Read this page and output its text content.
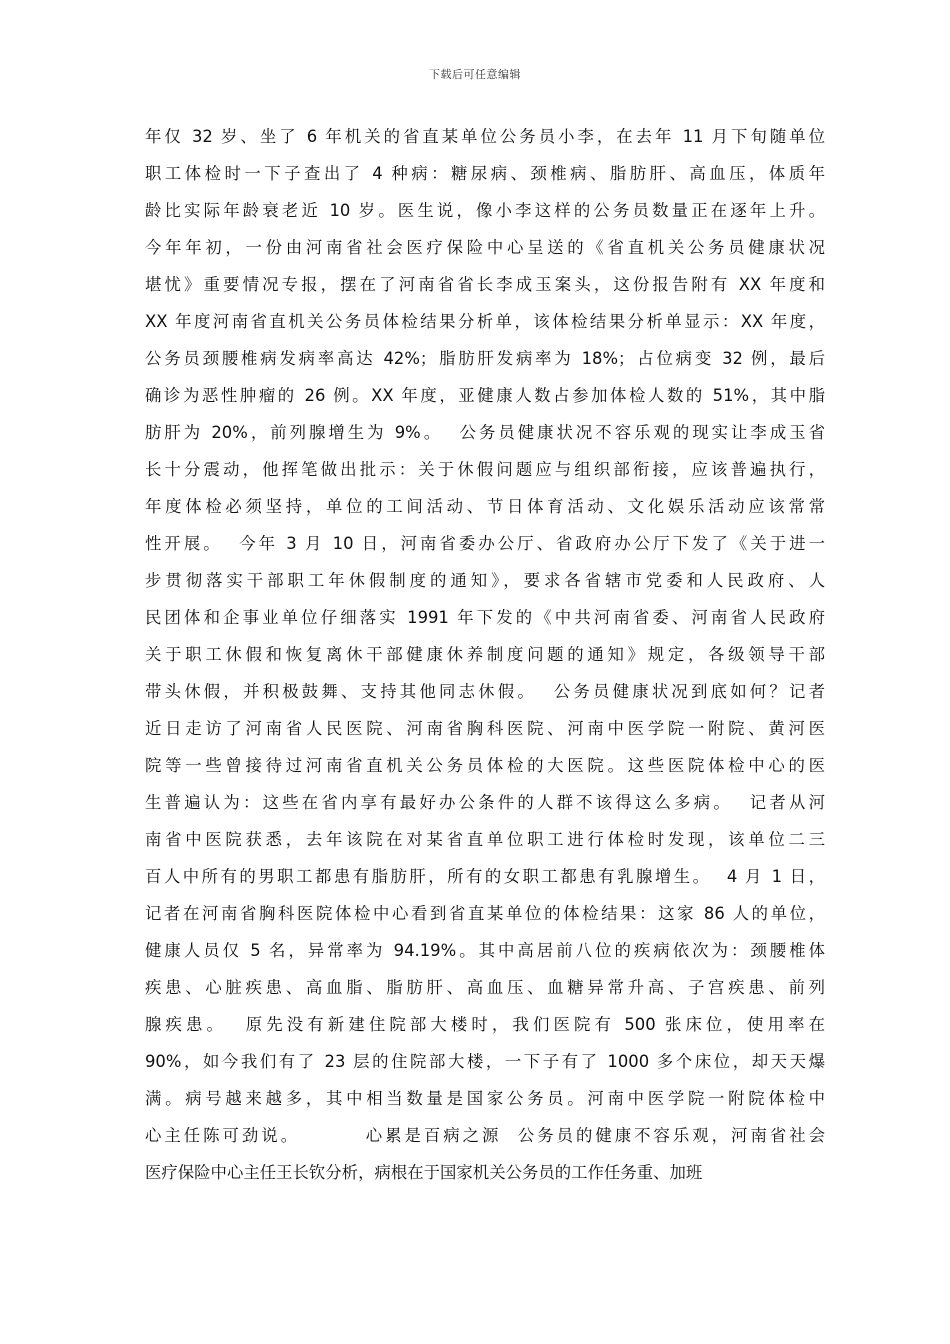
下载后可任意编辑
年仅 32 岁、坐了 6 年机关的省直某单位公务员小李，在去年 11 月下旬随单位
职工体检时一下子查出了 4 种病：糖尿病、颈椎病、脂肪肝、高血压，体质年
龄比实际年龄衰老近 10 岁。医生说，像小李这样的公务员数量正在逐年上升。
今年年初，一份由河南省社会医疗保险中心呈送的《省直机关公务员健康状况
堪忧》重要情况专报，摆在了河南省省长李成玉案头，这份报告附有 XX 年度和
XX 年度河南省直机关公务员体检结果分析单，该体检结果分析单显示：XX 年度，
公务员颈腰椎病发病率高达 42%；脂肪肝发病率为 18%；占位病变 32 例，最后
确诊为恶性肿瘤的 26 例。XX 年度，亚健康人数占参加体检人数的 51%，其中脂
肪肝为 20%，前列腺增生为 9%。  公务员健康状况不容乐观的现实让李成玉省
长十分震动，他挥笔做出批示：关于休假问题应与组织部衔接，应该普遍执行，
年度体检必须坚持，单位的工间活动、节日体育活动、文化娱乐活动应该常常
性开展。  今年 3 月 10 日，河南省委办公厅、省政府办公厅下发了《关于进一
步贯彻落实干部职工年休假制度的通知》，要求各省辖市党委和人民政府、人
民团体和企事业单位仔细落实 1991 年下发的《中共河南省委、河南省人民政府
关于职工休假和恢复离休干部健康休养制度问题的通知》规定，各级领导干部
带头休假，并积极鼓舞、支持其他同志休假。  公务员健康状况到底如何？记者
近日走访了河南省人民医院、河南省胸科医院、河南中医学院一附院、黄河医
院等一些曾接待过河南省直机关公务员体检的大医院。这些医院体检中心的医
生普遍认为：这些在省内享有最好办公条件的人群不该得这么多病。  记者从河
南省中医院获悉，去年该院在对某省直单位职工进行体检时发现，该单位二三
百人中所有的男职工都患有脂肪肝，所有的女职工都患有乳腺增生。  4 月 1 日，
记者在河南省胸科医院体检中心看到省直某单位的体检结果：这家 86 人的单位，
健康人员仅 5 名，异常率为 94.19%。其中高居前八位的疾病依次为：颈腰椎体
疾患、心脏疾患、高血脂、脂肪肝、高血压、血糖异常升高、子宫疾患、前列
腺疾患。  原先没有新建住院部大楼时，我们医院有 500 张床位，使用率在
90%，如今我们有了 23 层的住院部大楼，一下子有了 1000 多个床位，却天天爆
满。病号越来越多，其中相当数量是国家公务员。河南中医学院一附院体检中
心主任陈可劲说。        心累是百病之源  公务员的健康不容乐观，河南省社会
医疗保险中心主任王长钦分析，病根在于国家机关公务员的工作任务重、加班
